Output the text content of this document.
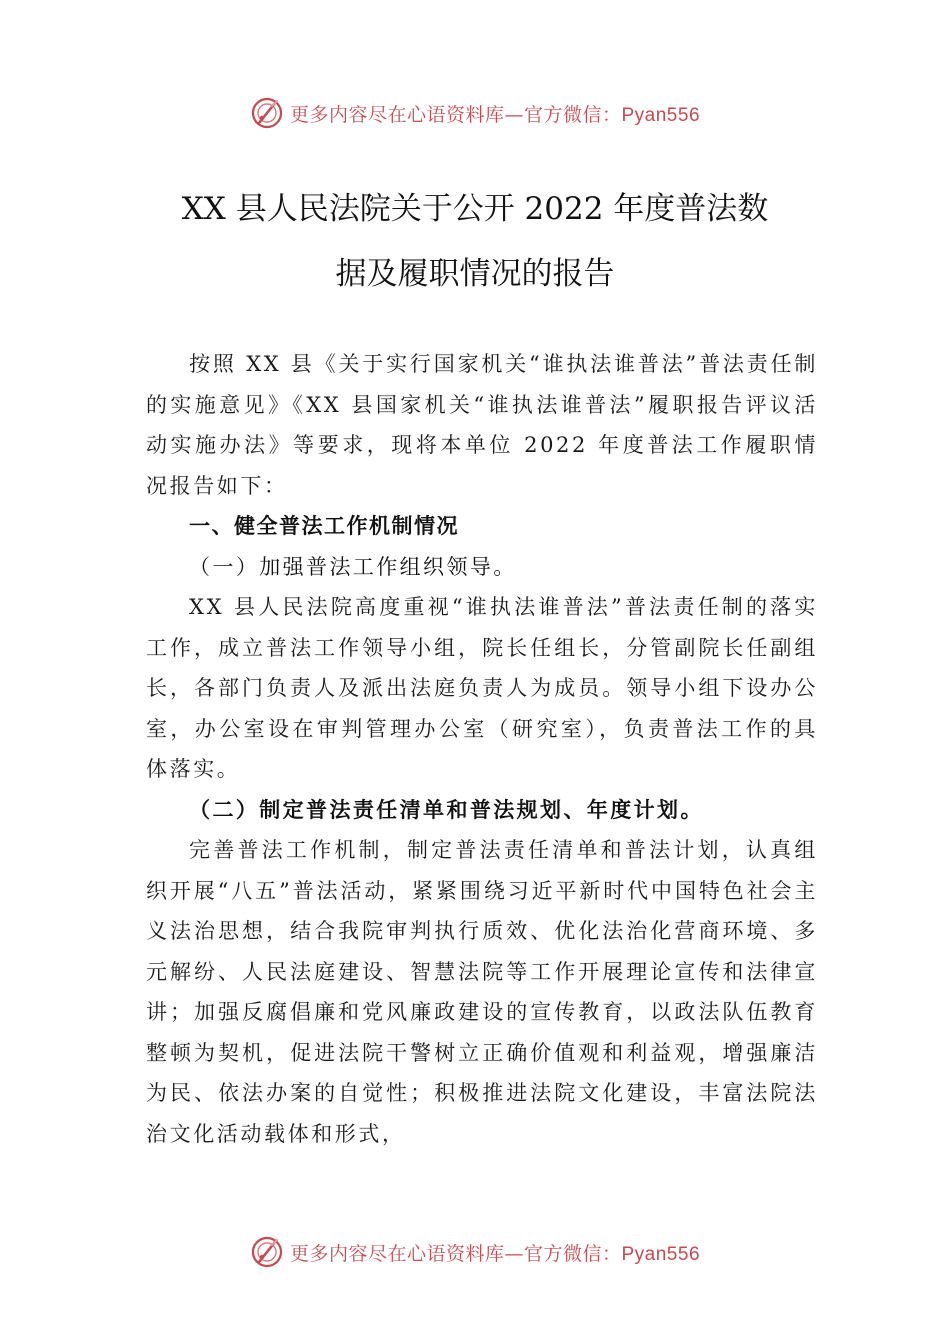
更多内容尽在心语资料库—官方微信：Pyan556
XX 县人民法院关于公开 2022 年度普法数
据及履职情况的报告

按照 XX 县《关于实行国家机关“谁执法谁普法”普法责任制的实施意见》《XX 县国家机关“谁执法谁普法”履职报告评议活动实施办法》等要求，现将本单位 2022 年度普法工作履职情况报告如下：

一、健全普法工作机制情况

（一）加强普法工作组织领导。

XX 县人民法院高度重视“谁执法谁普法”普法责任制的落实工作，成立普法工作领导小组，院长任组长，分管副院长任副组长，各部门负责人及派出法庭负责人为成员。领导小组下设办公室，办公室设在审判管理办公室（研究室），负责普法工作的具体落实。

（二）制定普法责任清单和普法规划、年度计划。

完善普法工作机制，制定普法责任清单和普法计划，认真组织开展“八五”普法活动，紧紧围绕习近平新时代中国特色社会主义法治思想，结合我院审判执行质效、优化法治化营商环境、多元解纷、人民法庭建设、智慧法院等工作开展理论宣传和法律宣讲；加强反腐倡廉和党风廉政建设的宣传教育，以政法队伍教育整顿为契机，促进法院干警树立正确价值观和利益观，增强廉洁为民、依法办案的自觉性；积极推进法院文化建设，丰富法院法治文化活动载体和形式，

更多内容尽在心语资料库—官方微信：Pyan556
